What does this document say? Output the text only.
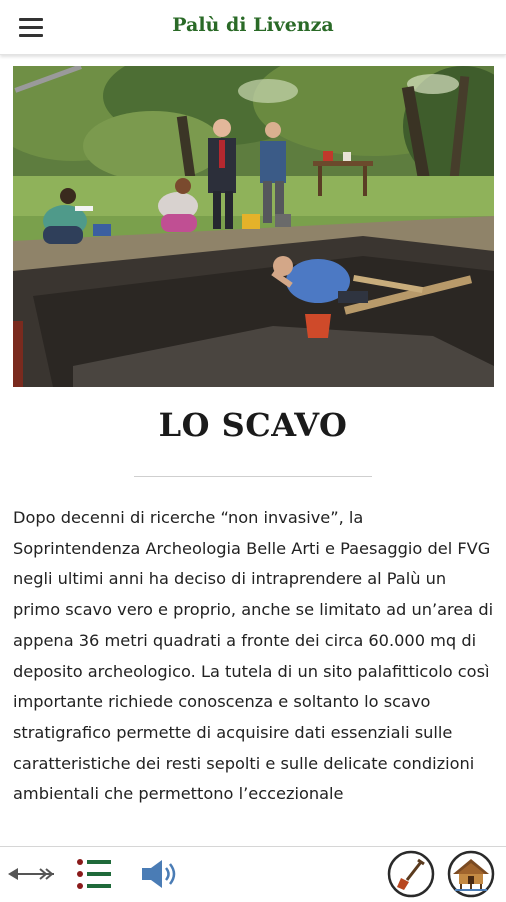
Palù di Livenza
LO SCAVO

Dopo decenni di ricerche “non invasive”, la Soprintendenza Archeologia Belle Arti e Paesaggio del FVG negli ultimi anni ha deciso di intraprendere al Palù un primo scavo vero e proprio, anche se limitato ad un’area di appena 36 metri quadrati a fronte dei circa 60.000 mq di deposito archeologico. La tutela di un sito palafitticolo così importante richiede conoscenza e soltanto lo scavo stratigrafico permette di acquisire dati essenziali sulle caratteristiche dei resti sepolti e sulle delicate condizioni ambientali che permettono l’eccezionale
